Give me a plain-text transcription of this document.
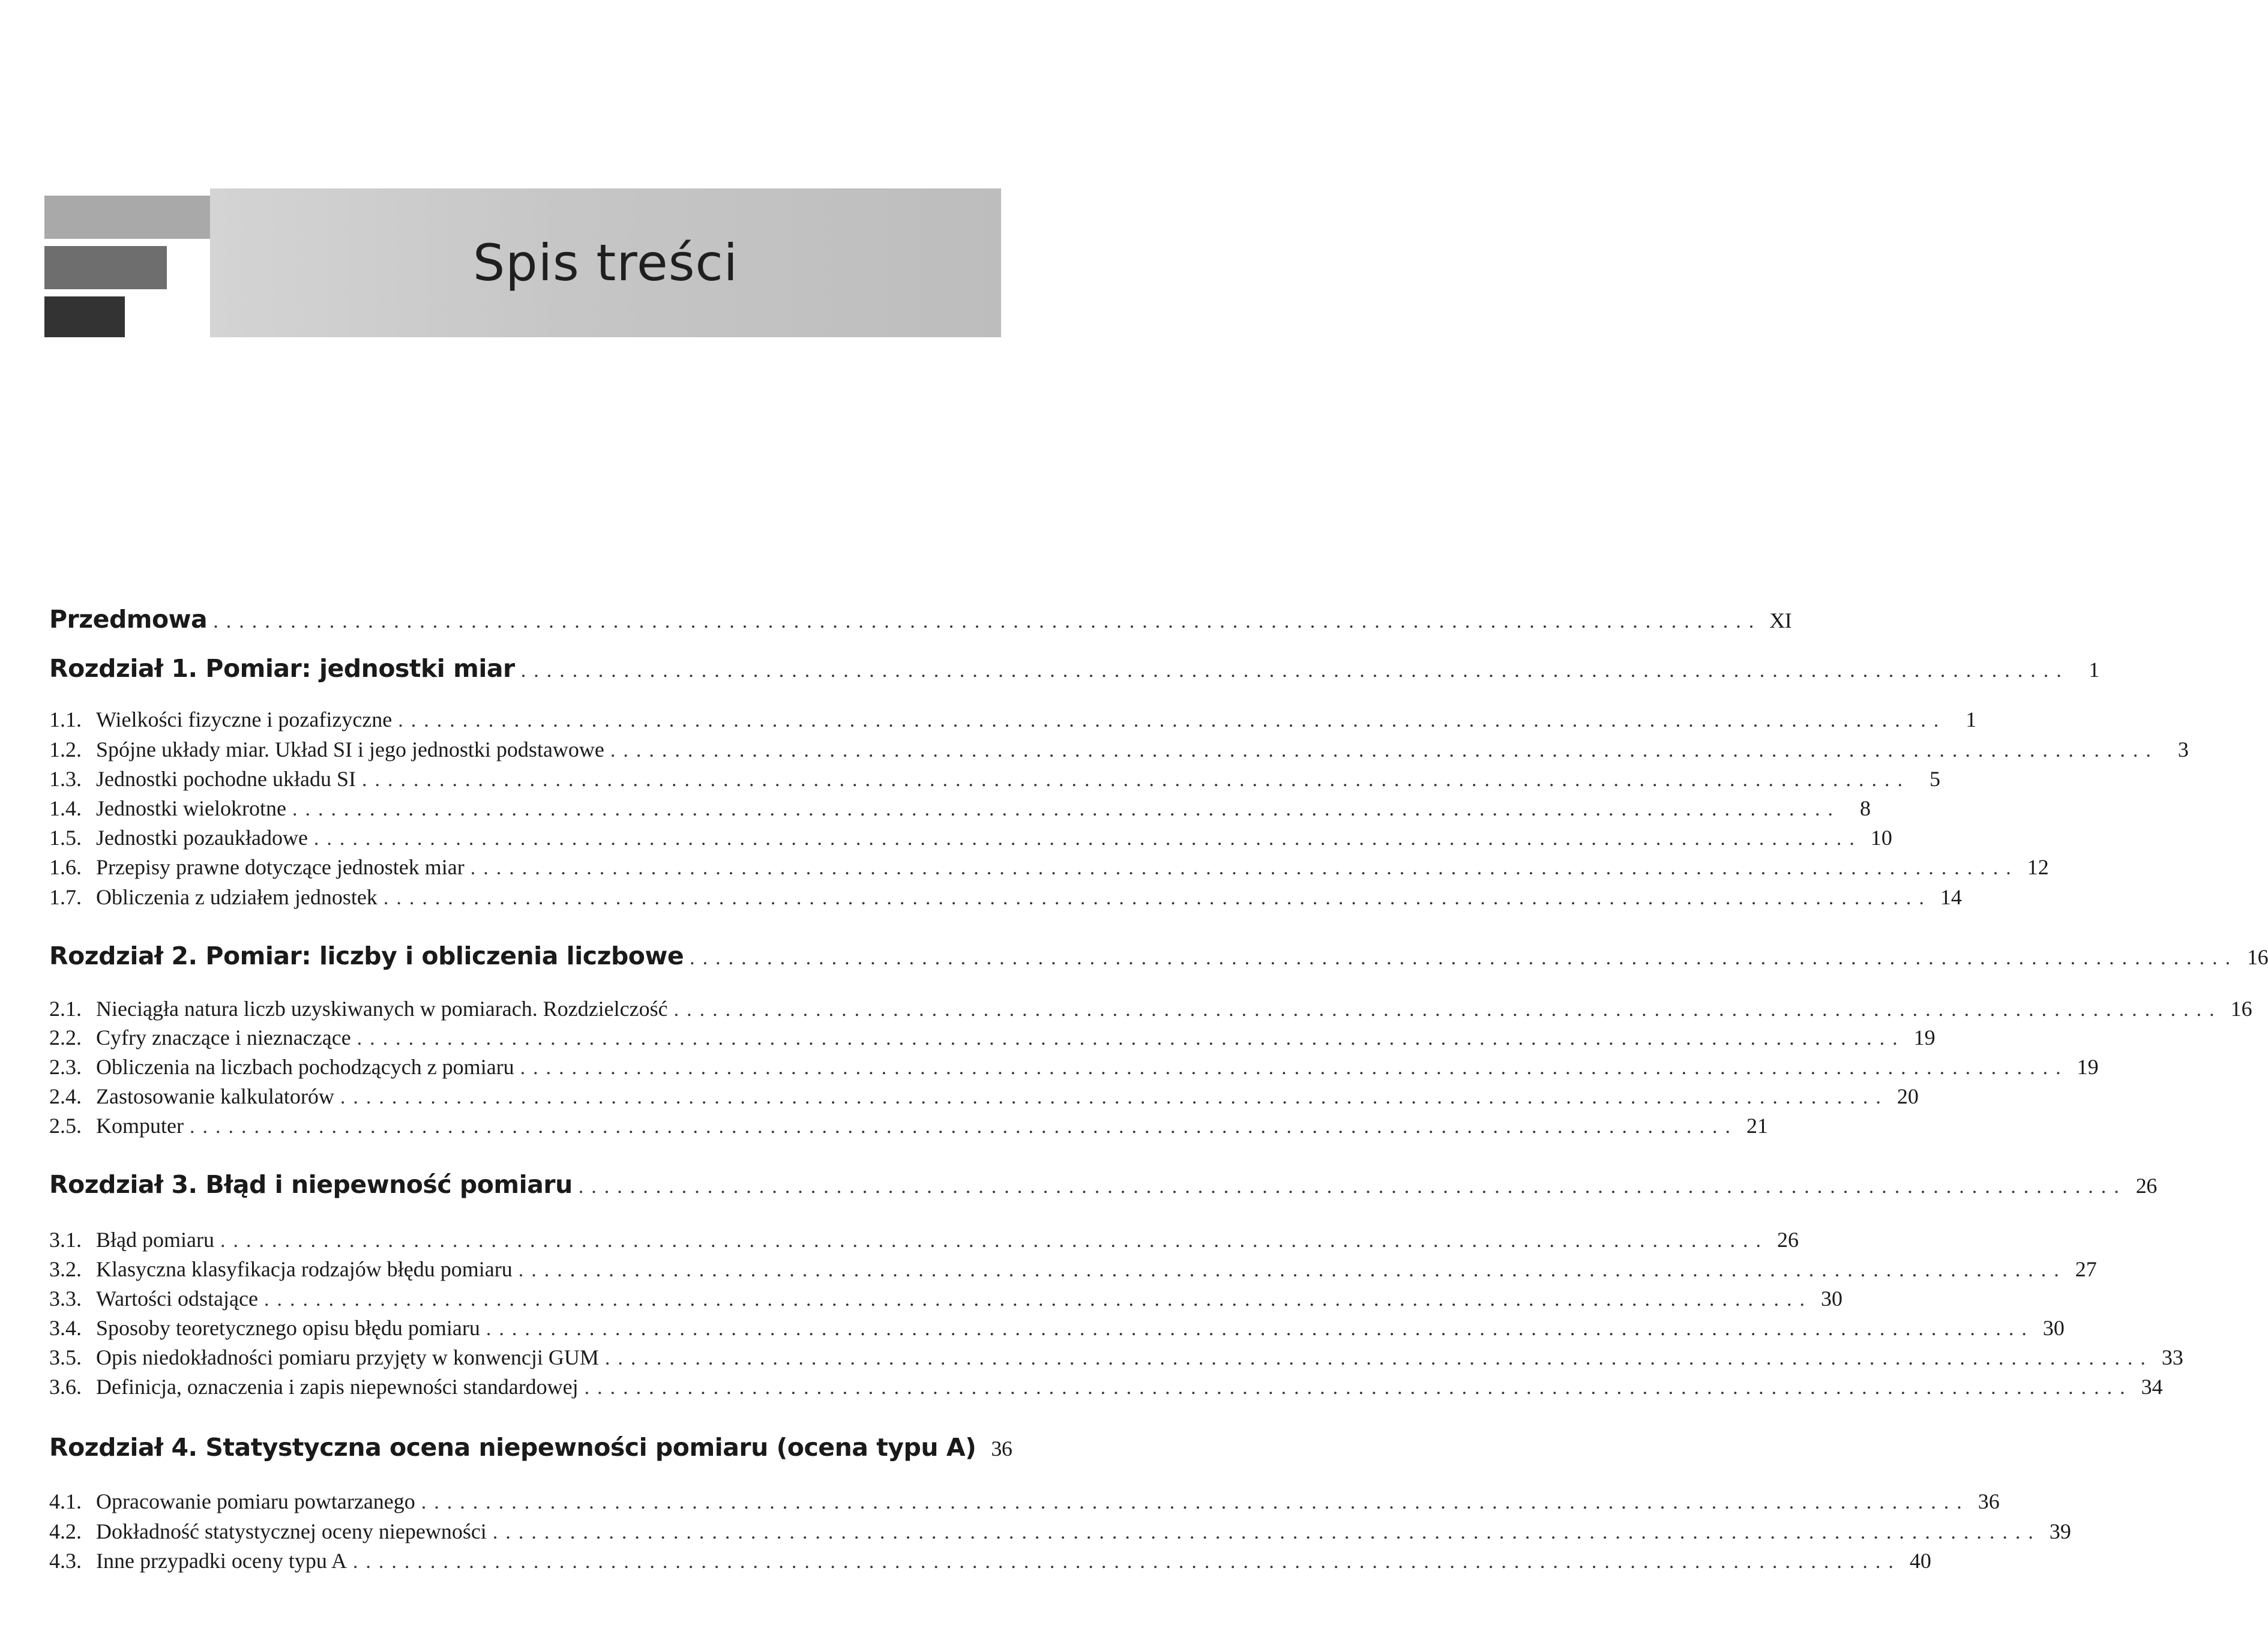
Spis treści
Przedmowa ........................................................................................................................ XI
Rozdział 1. Pomiar: jednostki miar ........................................................................................................................ 1
1.1. Wielkości fizyczne i pozafizyczne ........................................................................................................................ 1
1.2. Spójne układy miar. Układ SI i jego jednostki podstawowe ........................................................................................................................ 3
1.3. Jednostki pochodne układu SI ........................................................................................................................ 5
1.4. Jednostki wielokrotne ........................................................................................................................ 8
1.5. Jednostki pozaukładowe ........................................................................................................................ 10
1.6. Przepisy prawne dotyczące jednostek miar ........................................................................................................................ 12
1.7. Obliczenia z udziałem jednostek ........................................................................................................................ 14
Rozdział 2. Pomiar: liczby i obliczenia liczbowe ........................................................................................................................ 16
2.1. Nieciągła natura liczb uzyskiwanych w pomiarach. Rozdzielczość ........................................................................................................................ 16
2.2. Cyfry znaczące i nieznaczące ........................................................................................................................ 19
2.3. Obliczenia na liczbach pochodzących z pomiaru ........................................................................................................................ 19
2.4. Zastosowanie kalkulatorów ........................................................................................................................ 20
2.5. Komputer ........................................................................................................................ 21
Rozdział 3. Błąd i niepewność pomiaru ........................................................................................................................ 26
3.1. Błąd pomiaru ........................................................................................................................ 26
3.2. Klasyczna klasyfikacja rodzajów błędu pomiaru ........................................................................................................................ 27
3.3. Wartości odstające ........................................................................................................................ 30
3.4. Sposoby teoretycznego opisu błędu pomiaru ........................................................................................................................ 30
3.5. Opis niedokładności pomiaru przyjęty w konwencji GUM ........................................................................................................................ 33
3.6. Definicja, oznaczenia i zapis niepewności standardowej ........................................................................................................................ 34
Rozdział 4. Statystyczna ocena niepewności pomiaru (ocena typu A) 36
4.1. Opracowanie pomiaru powtarzanego ........................................................................................................................ 36
4.2. Dokładność statystycznej oceny niepewności ........................................................................................................................ 39
4.3. Inne przypadki oceny typu A ........................................................................................................................ 40
